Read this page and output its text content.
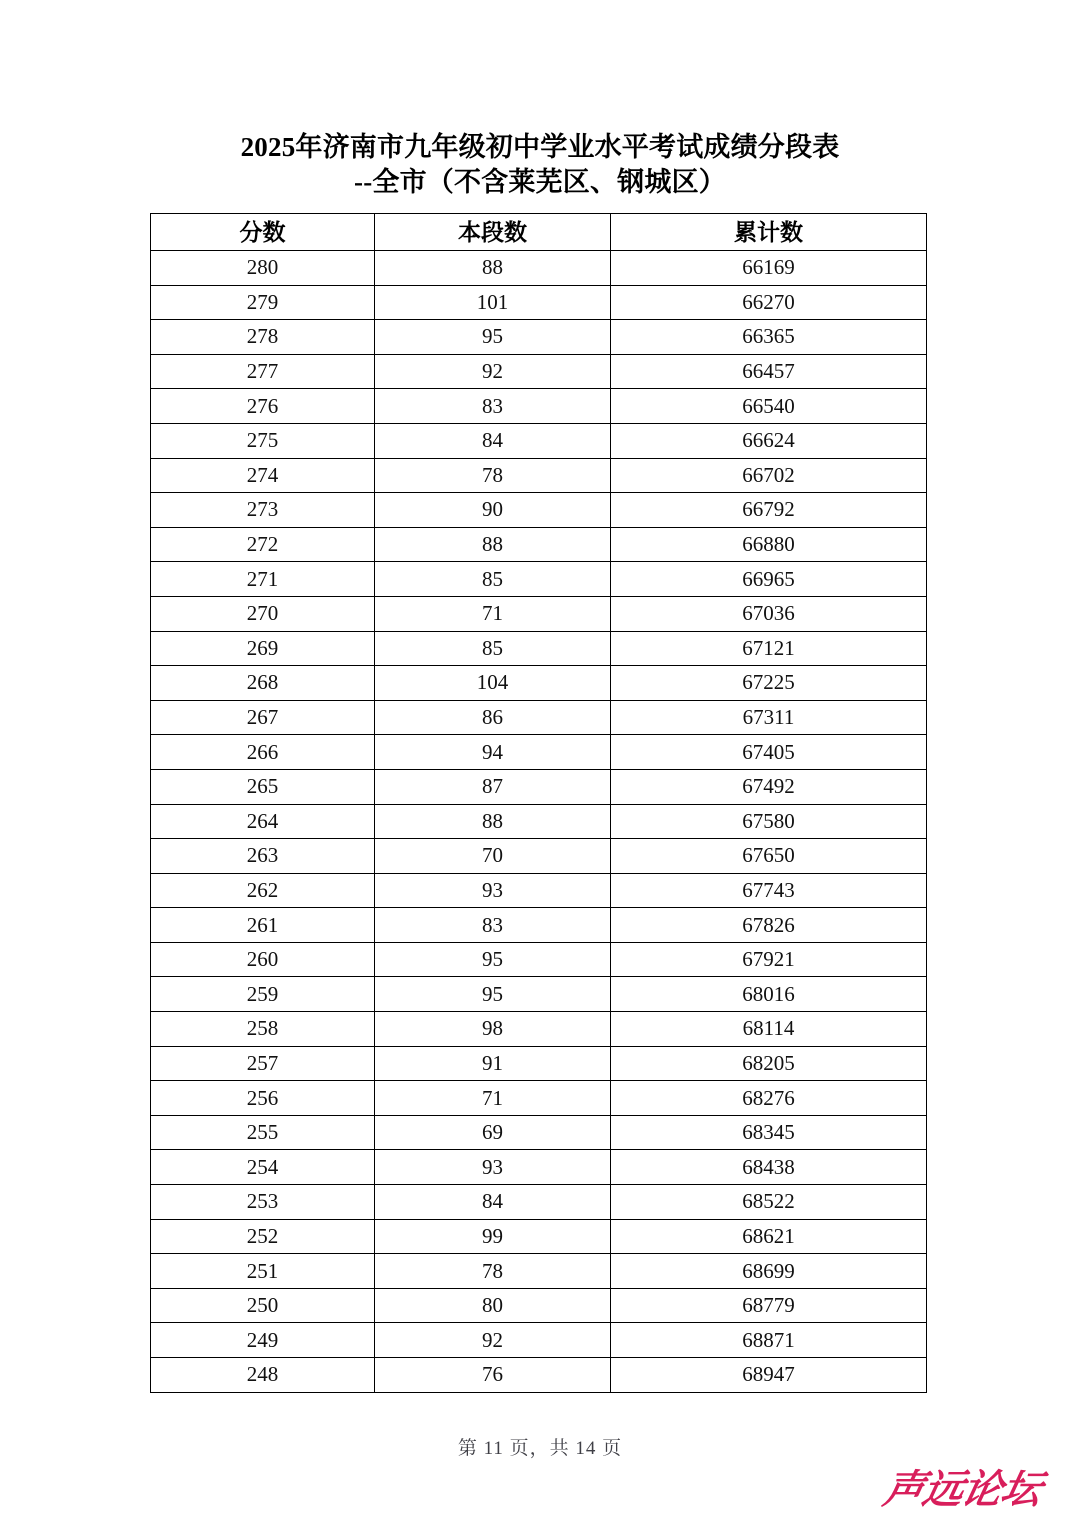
2025年济南市九年级初中学业水平考试成绩分段表
--全市（不含莱芜区、钢城区）
分数	本段数	累计数
280	88	66169
279	101	66270
278	95	66365
277	92	66457
276	83	66540
275	84	66624
274	78	66702
273	90	66792
272	88	66880
271	85	66965
270	71	67036
269	85	67121
268	104	67225
267	86	67311
266	94	67405
265	87	67492
264	88	67580
263	70	67650
262	93	67743
261	83	67826
260	95	67921
259	95	68016
258	98	68114
257	91	68205
256	71	68276
255	69	68345
254	93	68438
253	84	68522
252	99	68621
251	78	68699
250	80	68779
249	92	68871
248	76	68947
第 11 页，共 14 页
声远论坛
